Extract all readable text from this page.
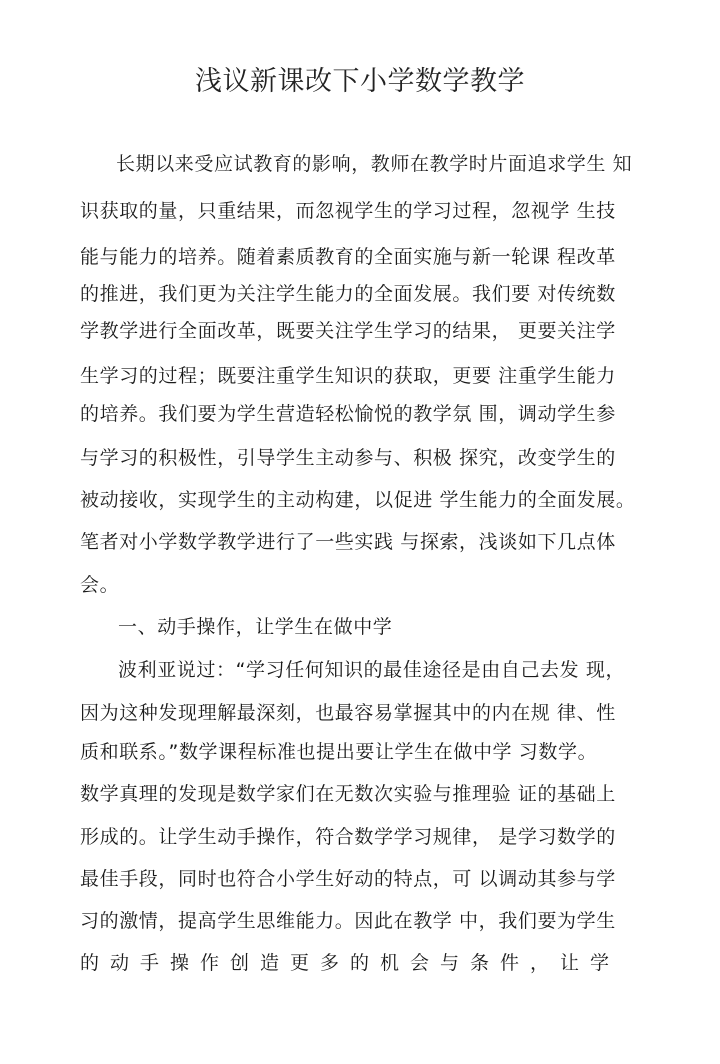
浅议新课改下小学数学教学
长期以来受应试教育的影响，教师在教学时片面追求学生 知
识获取的量，只重结果，而忽视学生的学习过程，忽视学 生技
能与能力的培养。随着素质教育的全面实施与新一轮课 程改革
的推进，我们更为关注学生能力的全面发展。我们要 对传统数
学教学进行全面改革，既要关注学生学习的结果， 更要关注学
生学习的过程；既要注重学生知识的获取，更要 注重学生能力
的培养。我们要为学生营造轻松愉悦的教学氛 围，调动学生参
与学习的积极性，引导学生主动参与、积极 探究，改变学生的
被动接收，实现学生的主动构建，以促进 学生能力的全面发展。
笔者对小学数学教学进行了一些实践 与探索，浅谈如下几点体
会。
一、动手操作，让学生在做中学
波利亚说过：“学习任何知识的最佳途径是由自己去发 现，
因为这种发现理解最深刻，也最容易掌握其中的内在规 律、性
质和联系。”数学课程标准也提出要让学生在做中学 习数学。
数学真理的发现是数学家们在无数次实验与推理验 证的基础上
形成的。让学生动手操作，符合数学学习规律， 是学习数学的
最佳手段，同时也符合小学生好动的特点，可 以调动其参与学
习的激情，提高学生思维能力。因此在教学 中，我们要为学生
的动手操作创造更多的机会与条件，让学
